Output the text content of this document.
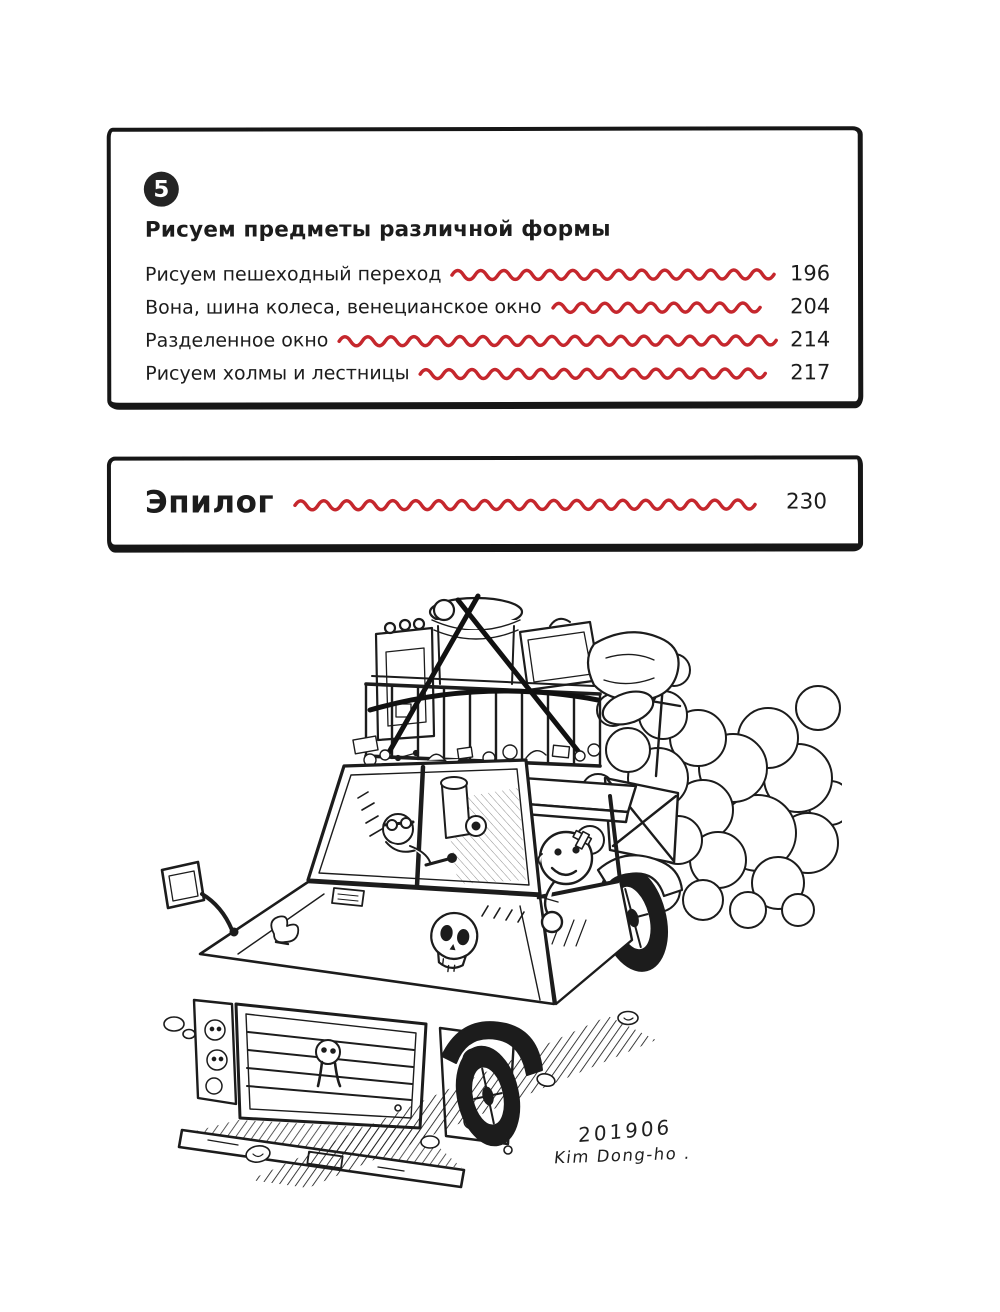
5
Рисуем предметы различной формы
Рисуем пешеходный переход	196
Вона, шина колеса, венецианское окно	204
Разделенное окно	214
Рисуем холмы и лестницы	217
Эпилог	230
201906
Kim Dong-ho .
